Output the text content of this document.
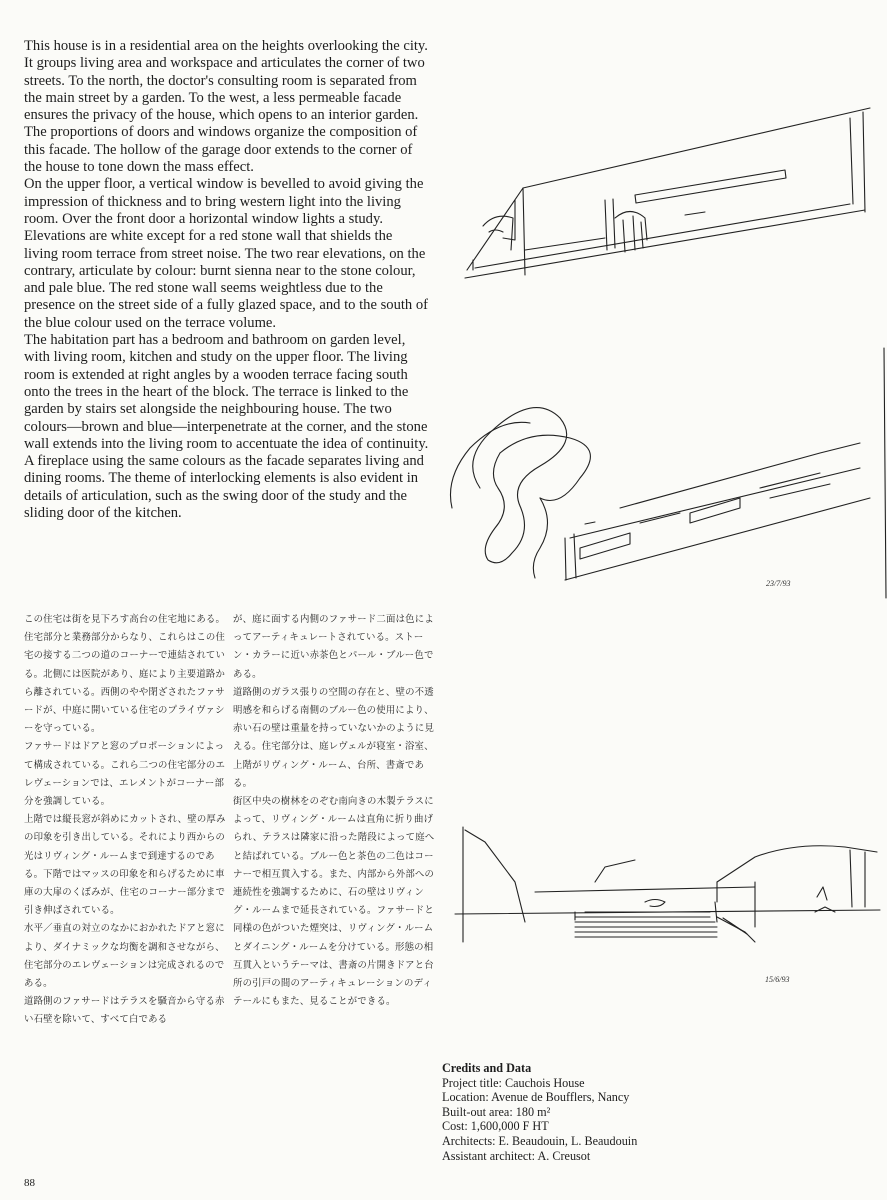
This house is in a residential area on the heights overlooking the city. It groups living area and workspace and articulates the corner of two streets. To the north, the doctor's consulting room is separated from the main street by a garden. To the west, a less permeable facade ensures the privacy of the house, which opens to an interior garden. The proportions of doors and windows organize the composition of this facade. The hollow of the garage door extends to the corner of the house to tone down the mass effect.

On the upper floor, a vertical window is bevelled to avoid giving the impression of thickness and to bring western light into the living room. Over the front door a horizontal window lights a study.

Elevations are white except for a red stone wall that shields the living room terrace from street noise. The two rear elevations, on the contrary, articulate by colour: burnt sienna near to the stone colour, and pale blue. The red stone wall seems weightless due to the presence on the street side of a fully glazed space, and to the south of the blue colour used on the terrace volume.

The habitation part has a bedroom and bathroom on garden level, with living room, kitchen and study on the upper floor. The living room is extended at right angles by a wooden terrace facing south onto the trees in the heart of the block. The terrace is linked to the garden by stairs set alongside the neighbouring house. The two colours—brown and blue—interpenetrate at the corner, and the stone wall extends into the living room to accentuate the idea of continuity. A fireplace using the same colours as the facade separates living and dining rooms. The theme of interlocking elements is also evident in details of articulation, such as the swing door of the study and the sliding door of the kitchen.

この住宅は街を見下ろす高台の住宅地にある。住宅部分と業務部分からなり、これらはこの住宅の接する二つの道のコーナーで連結されている。北側には医院があり、庭により主要道路から離されている。西側のやや閉ざされたファサードが、中庭に開いている住宅のプライヴァシーを守っている。

ファサードはドアと窓のプロポーションによって構成されている。これら二つの住宅部分のエレヴェーションでは、エレメントがコーナー部分を強調している。

上階では縦長窓が斜めにカットされ、壁の厚みの印象を引き出している。それにより西からの光はリヴィング・ルームまで到達するのである。下階ではマッスの印象を和らげるために車庫の大扉のくぼみが、住宅のコーナー部分まで引き伸ばされている。

水平／垂直の対立のなかにおかれたドアと窓により、ダイナミックな均衡を調和させながら、住宅部分のエレヴェーションは完成されるのである。

道路側のファサードはテラスを騒音から守る赤い石壁を除いて、すべて白である

が、庭に面する内側のファサード二面は色によってアーティキュレートされている。ストーン・カラーに近い赤茶色とパール・ブルー色である。

道路側のガラス張りの空間の存在と、壁の不透明感を和らげる南側のブルー色の使用により、赤い石の壁は重量を持っていないかのように見える。住宅部分は、庭レヴェルが寝室・浴室、上階がリヴィング・ルーム、台所、書斎である。

街区中央の樹林をのぞむ南向きの木製テラスによって、リヴィング・ルームは直角に折り曲げられ、テラスは隣家に沿った階段によって庭へと結ばれている。ブルー色と茶色の二色はコーナーで相互貫入する。また、内部から外部への連続性を強調するために、石の壁はリヴィング・ルームまで延長されている。ファサードと同様の色がついた煙突は、リヴィング・ルームとダイニング・ルームを分けている。形態の相互貫入というテーマは、書斎の片開きドアと台所の引戸の間のアーティキュレーションのディテールにもまた、見ることができる。

23/7/93
15/6/93
Credits and Data
Project title: Cauchois House
Location: Avenue de Boufflers, Nancy
Built-out area: 180 m²
Cost: 1,600,000 F HT
Architects: E. Beaudouin, L. Beaudouin
Assistant architect: A. Creusot
88
